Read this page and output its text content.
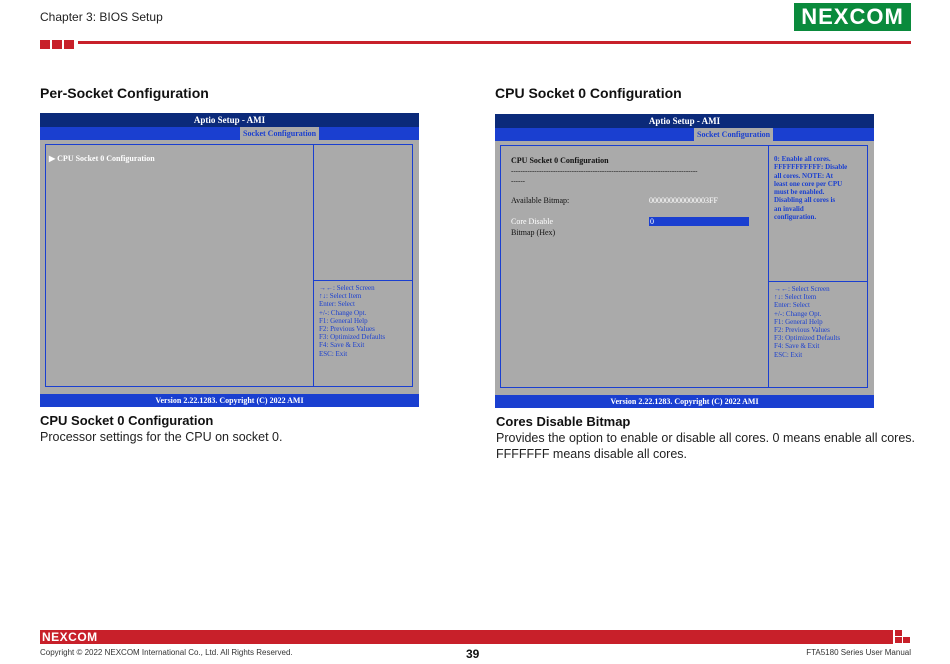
Chapter 3: BIOS Setup	NEXCOM
Per-Socket Configuration
Aptio Setup - AMI
Socket Configuration
▶ CPU Socket 0 Configuration
→←: Select Screen
↑↓: Select Item
Enter: Select
+/-: Change Opt.
F1: General Help
F2: Previous Values
F3: Optimized Defaults
F4: Save & Exit
ESC: Exit
Version 2.22.1283. Copyright (C) 2022 AMI
CPU Socket 0 Configuration
Processor settings for the CPU on socket 0.
CPU Socket 0 Configuration
Aptio Setup - AMI
Socket Configuration
CPU Socket 0 Configuration
--------------------------------------------------------------------------------
------
Available Bitmap:	000000000000003FF
Core Disable
Bitmap (Hex)
0
0: Enable all cores.
FFFFFFFFFFF: Disable
all cores. NOTE: At
least one core per CPU
must be enabled.
Disabling all cores is
an invalid
configuration.
→←: Select Screen
↑↓: Select Item
Enter: Select
+/-: Change Opt.
F1: General Help
F2: Previous Values
F3: Optimized Defaults
F4: Save & Exit
ESC: Exit
Version 2.22.1283. Copyright (C) 2022 AMI
Cores Disable Bitmap
Provides the option to enable or disable all cores. 0 means enable all cores.
FFFFFFF means disable all cores.
NEXCOM
Copyright © 2022 NEXCOM International Co., Ltd. All Rights Reserved.	39	FTA5180 Series User Manual
